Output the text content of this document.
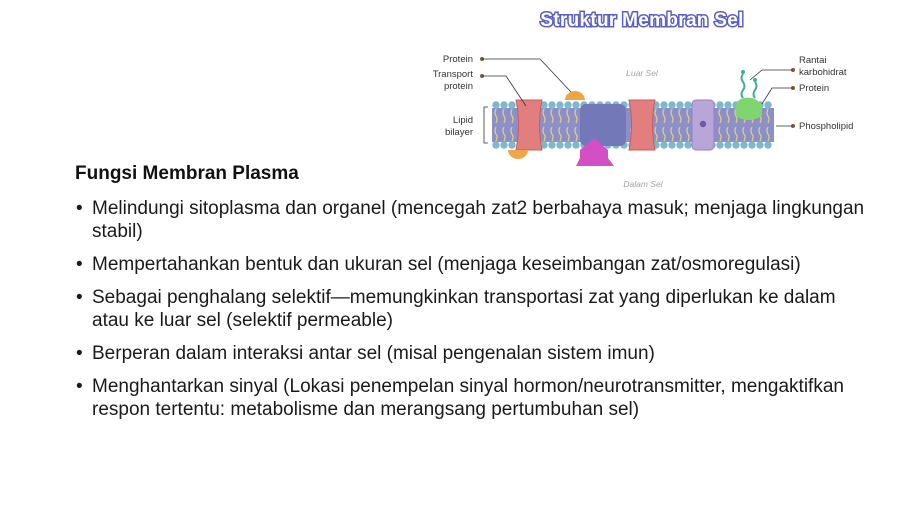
Struktur Membran Sel
Luar Sel
Dalam Sel
Protein
Transport
protein
Lipid
bilayer
Rantai
karbohidrat
Protein
Phospholipid
Fungsi Membran Plasma
• Melindungi sitoplasma dan organel (mencegah zat2 berbahaya masuk; menjaga lingkungan stabil)
• Mempertahankan bentuk dan ukuran sel (menjaga keseimbangan zat/osmoregulasi)
• Sebagai penghalang selektif—memungkinkan transportasi zat yang diperlukan ke dalam atau ke luar sel (selektif permeable)
• Berperan dalam interaksi antar sel (misal pengenalan sistem imun)
• Menghantarkan sinyal (Lokasi penempelan sinyal hormon/neurotransmitter, mengaktifkan respon tertentu: metabolisme dan merangsang pertumbuhan sel)
